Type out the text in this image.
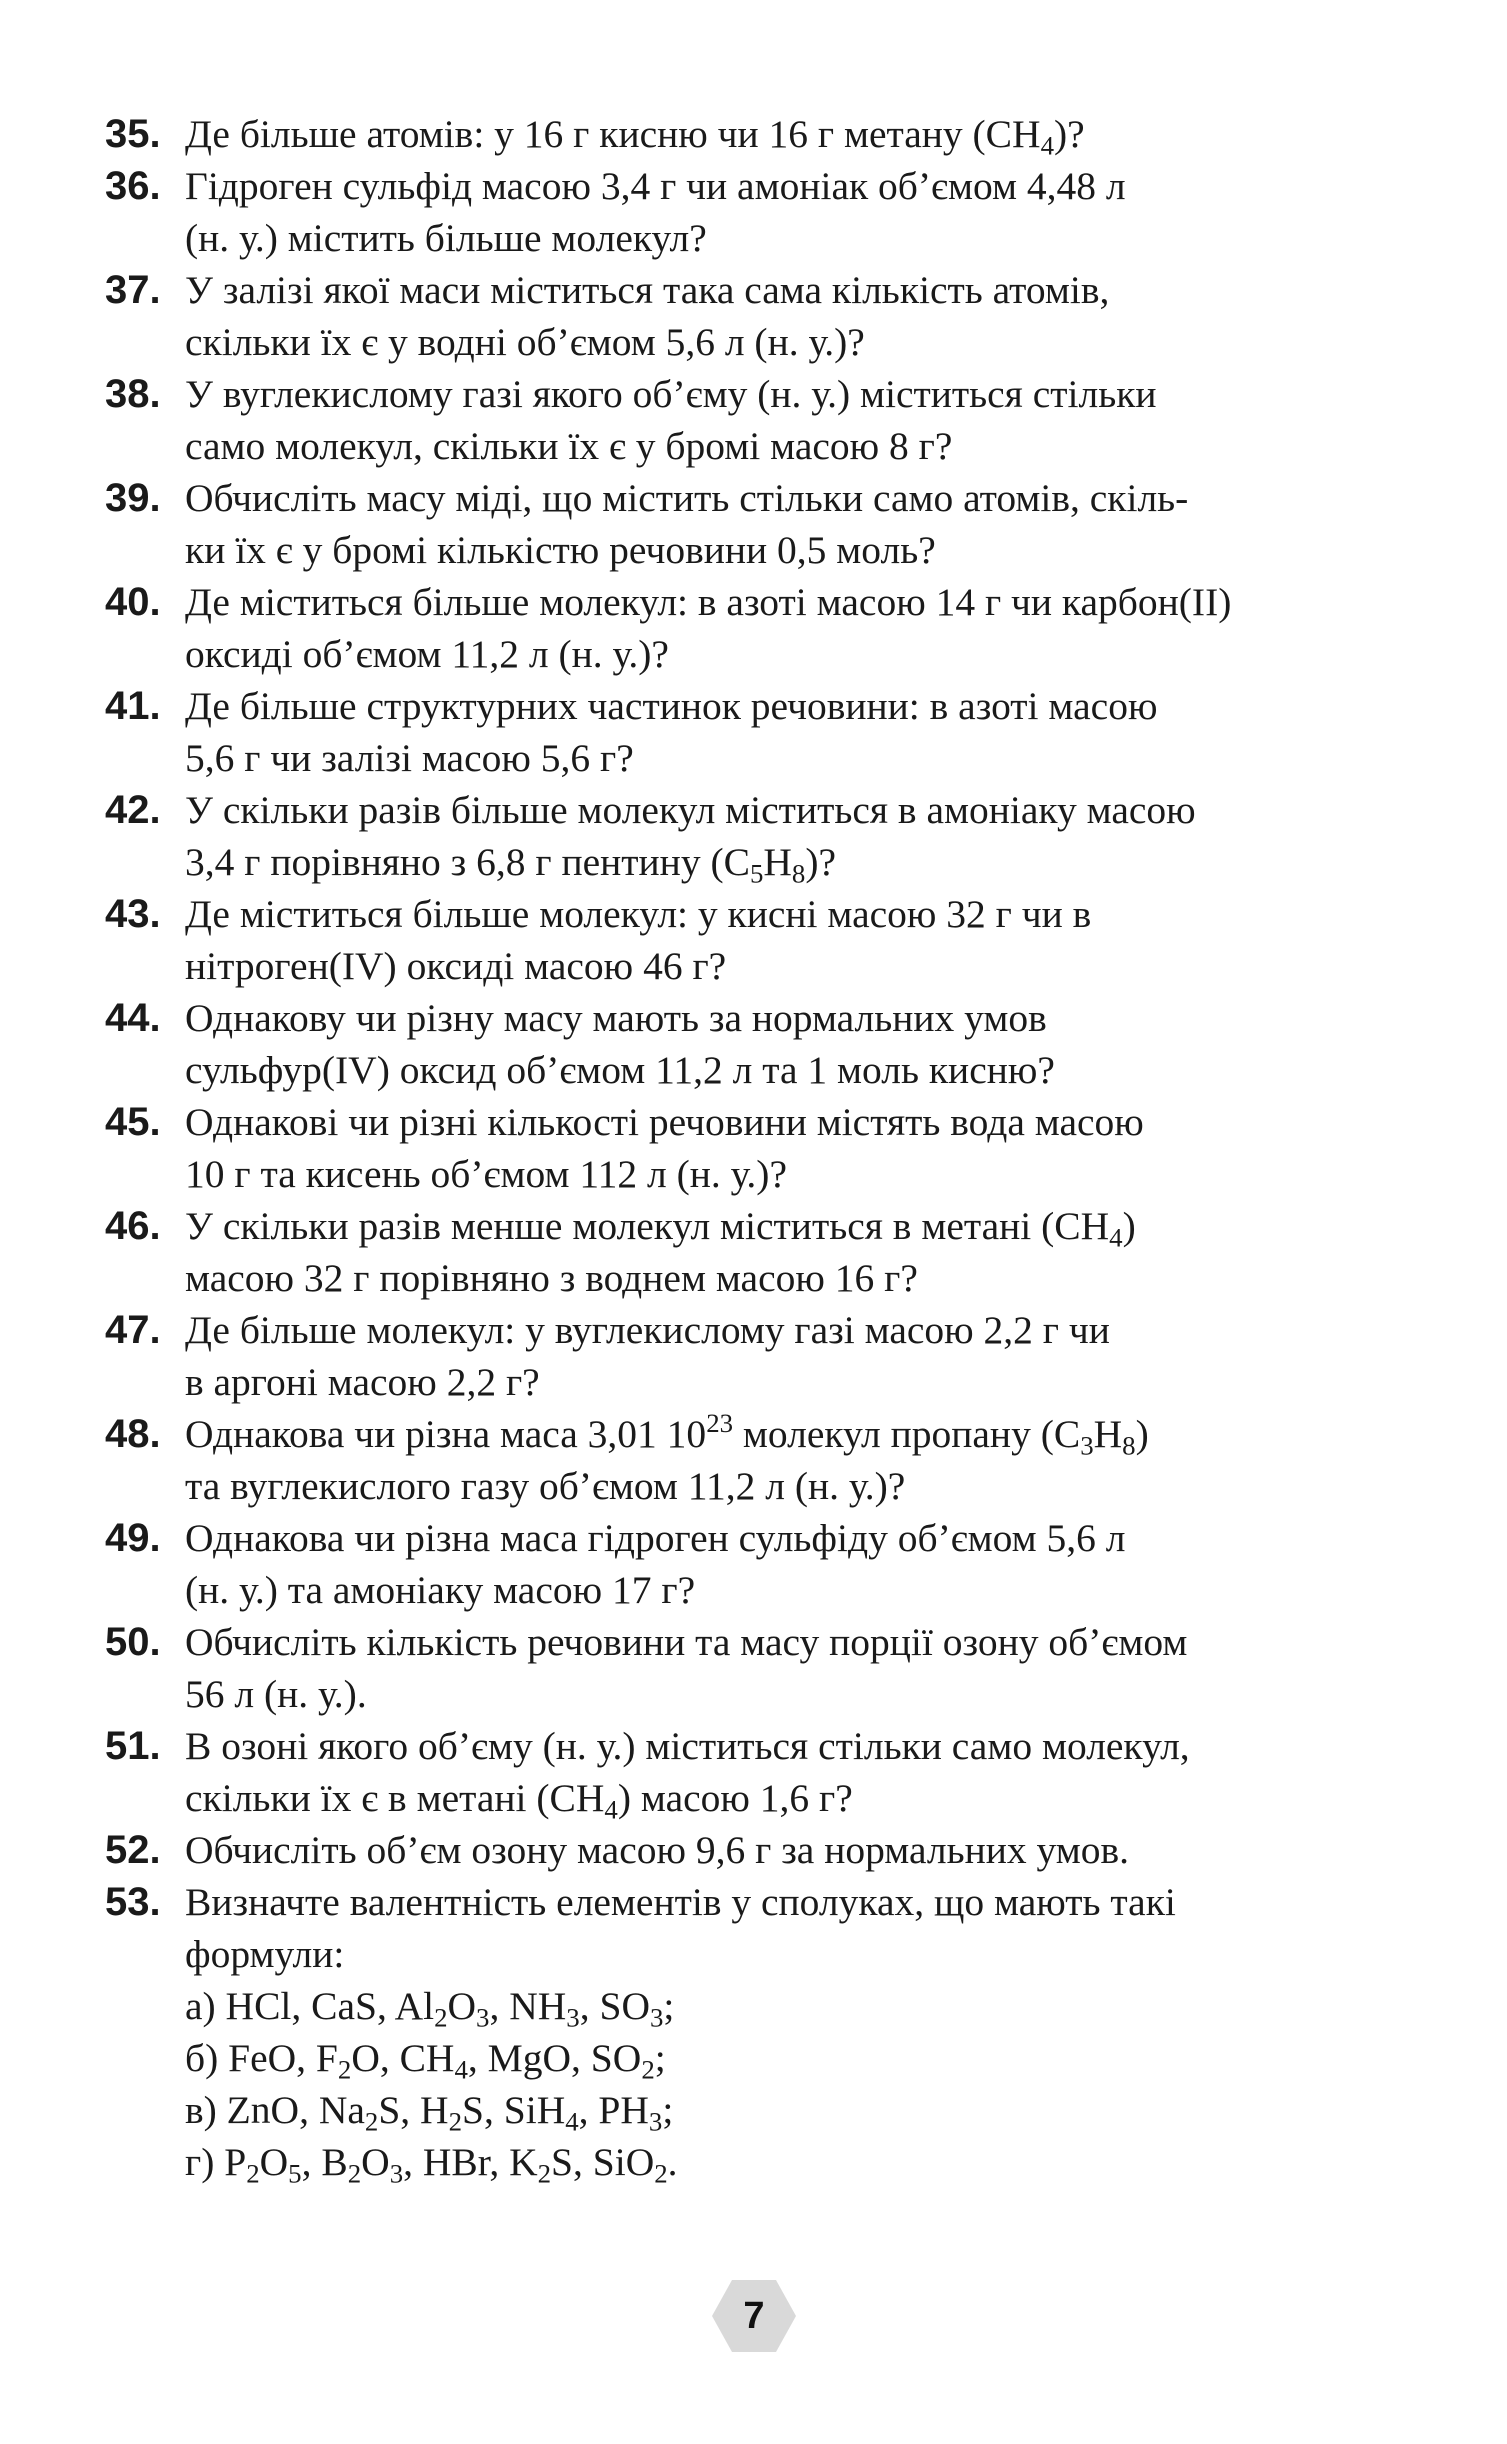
35. Де більше атомів: у 16 г кисню чи 16 г метану $(CH_4)$?
36. Гідроген сульфід масою 3,4 г чи амоніак об’ємом 4,48 л
(н. у.) містить більше молекул?
37. У залізі якої маси міститься така сама кількість атомів,
скільки їх є у водні об’ємом 5,6 л (н. у.)?
38. У вуглекислому газі якого об’єму (н. у.) міститься стільки
само молекул, скільки їх є у бромі масою 8 г?
39. Обчисліть масу міді, що містить стільки само атомів, скіль-
ки їх є у бромі кількістю речовини 0,5 моль?
40. Де міститься більше молекул: в азоті масою 14 г чи карбон(II)
оксиді об’ємом 11,2 л (н. у.)?
41. Де більше структурних частинок речовини: в азоті масою
5,6 г чи залізі масою 5,6 г?
42. У скільки разів більше молекул міститься в амоніаку масою
3,4 г порівняно з 6,8 г пентину $(C_5H_8)$?
43. Де міститься більше молекул: у кисні масою 32 г чи в
нітроген(IV) оксиді масою 46 г?
44. Однакову чи різну масу мають за нормальних умов
сульфур(IV) оксид об’ємом 11,2 л та 1 моль кисню?
45. Однакові чи різні кількості речовини містять вода масою
10 г та кисень об’ємом 112 л (н. у.)?
46. У скільки разів менше молекул міститься в метані $(CH_4)$
масою 32 г порівняно з воднем масою 16 г?
47. Де більше молекул: у вуглекислому газі масою 2,2 г чи
в аргоні масою 2,2 г?
48. Однакова чи різна маса 3,01 $10^{23}$ молекул пропану $(C_3H_8)$
та вуглекислого газу об’ємом 11,2 л (н. у.)?
49. Однакова чи різна маса гідроген сульфіду об’ємом 5,6 л
(н. у.) та амоніаку масою 17 г?
50. Обчисліть кількість речовини та масу порції озону об’ємом
56 л (н. у.).
51. В озоні якого об’єму (н. у.) міститься стільки само молекул,
скільки їх є в метані $(CH_4)$ масою 1,6 г?
52. Обчисліть об’єм озону масою 9,6 г за нормальних умов.
53. Визначте валентність елементів у сполуках, що мають такі
формули:
а) HCl, CaS, $Al_2O_3$, $NH_3$, $SO_3$;
б) FeO, $F_2O$, $CH_4$, MgO, $SO_2$;
в) ZnO, $Na_2S$, $H_2S$, SiH$_4$, $PH_3$;
г) $P_2O_5$, $B_2O_3$, HBr, $K_2S$, SiO$_2$.
7
